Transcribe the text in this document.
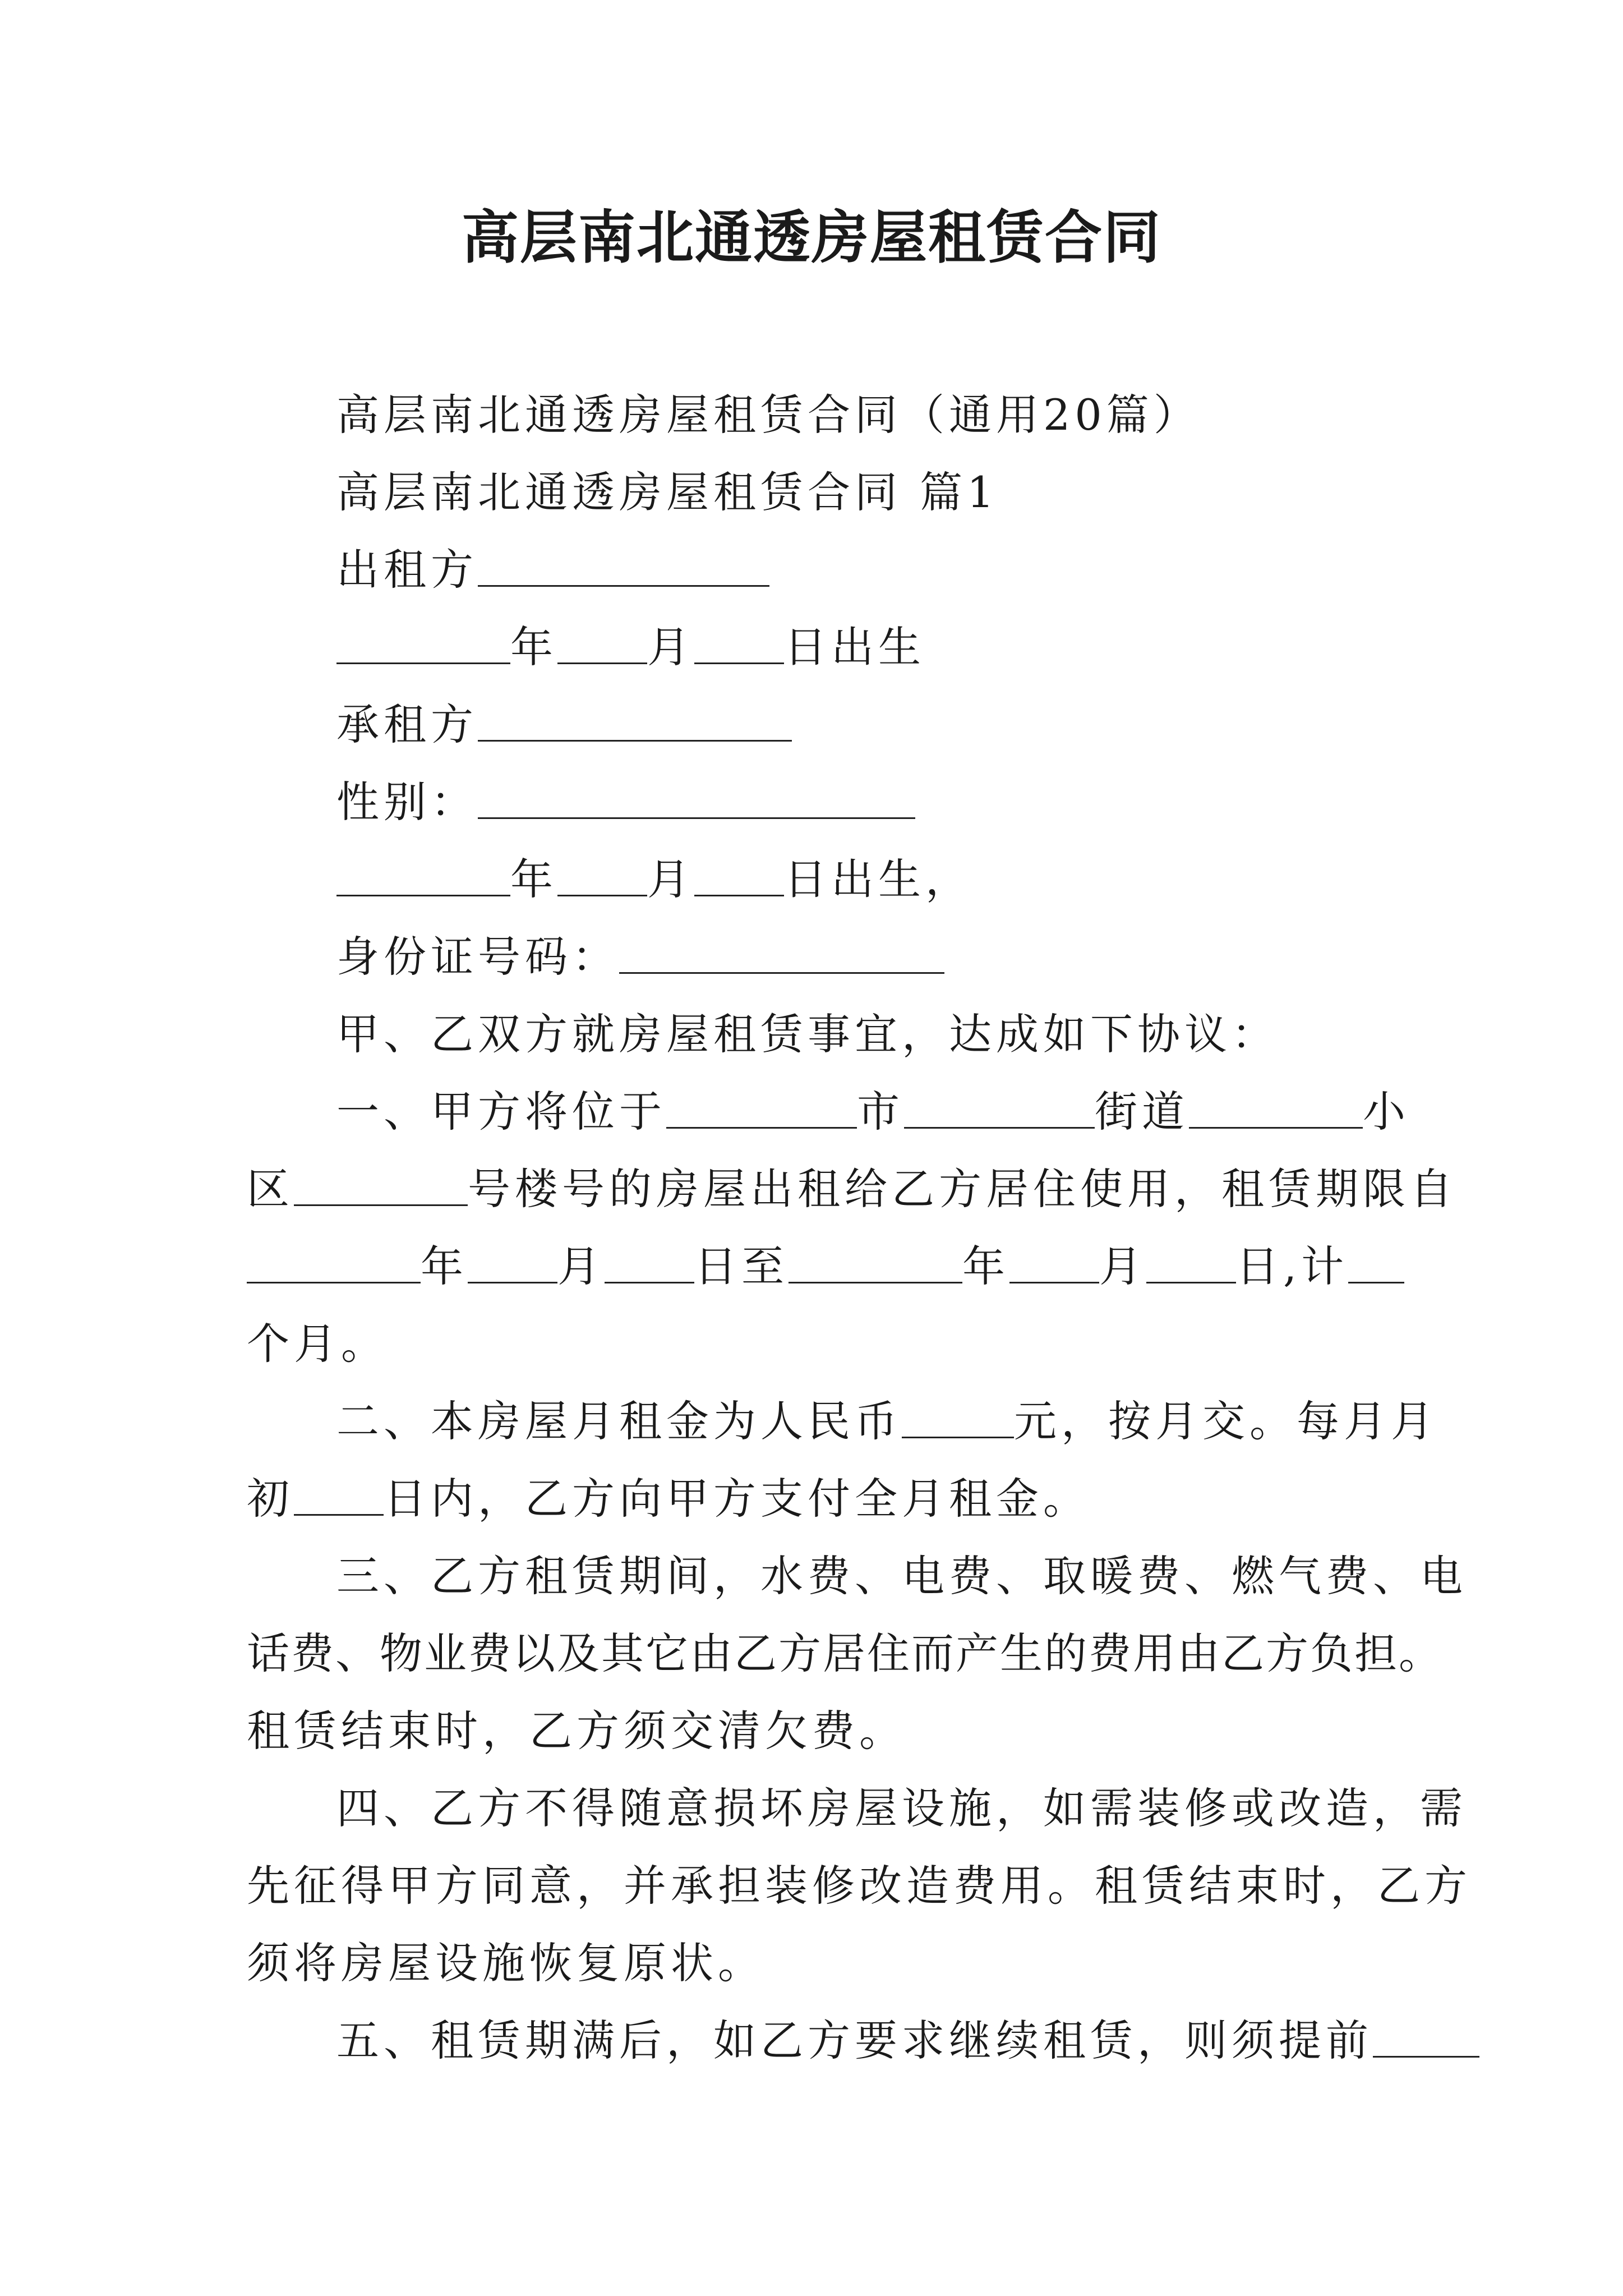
高层南北通透房屋租赁合同
高层南北通透房屋租赁合同（通用20篇）
高层南北通透房屋租赁合同 篇1
出租方
年 月 日出生
承租方
性别：
年 月 日出生，
身份证号码：
甲、乙双方就房屋租赁事宜，达成如下协议：
一、甲方将位于	市	街道	小
区	号楼号的房屋出租给乙方居住使用，租赁期限自
年 月 日至	年 月 日,计
个月。
二、本房屋月租金为人民币	元，按月交。每月月
初 日内，乙方向甲方支付全月租金。
三、乙方租赁期间，水费、电费、取暖费、燃气费、电
话费、物业费以及其它由乙方居住而产生的费用由乙方负担。
租赁结束时，乙方须交清欠费。
四、乙方不得随意损坏房屋设施，如需装修或改造，需
先征得甲方同意，并承担装修改造费用。租赁结束时，乙方
须将房屋设施恢复原状。
五、租赁期满后，如乙方要求继续租赁，则须提前
